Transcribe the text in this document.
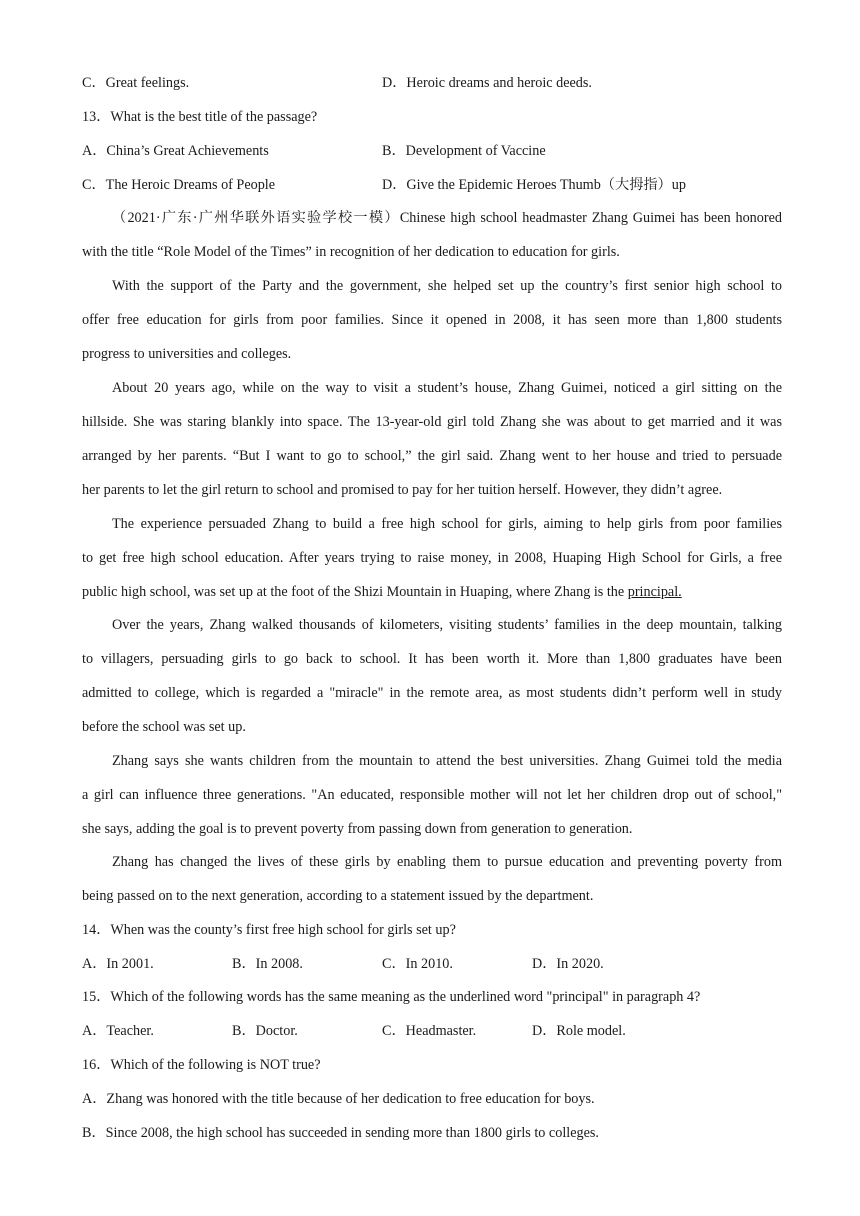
C．Great feelings.	D．Heroic dreams and heroic deeds.
13．What is the best title of the passage?
A．China’s Great Achievements	B．Development of Vaccine
C．The Heroic Dreams of People	D．Give the Epidemic Heroes Thumb（大拇指）up
（2021·广东·广州华联外语实验学校一模）Chinese high school headmaster Zhang Guimei has been honored
with the title “Role Model of the Times” in recognition of her dedication to education for girls.
With the support of the Party and the government, she helped set up the country’s first senior high school to
offer free education for girls from poor families. Since it opened in 2008, it has seen more than 1,800 students
progress to universities and colleges.
About 20 years ago, while on the way to visit a student’s house, Zhang Guimei, noticed a girl sitting on the
hillside. She was staring blankly into space. The 13-year-old girl told Zhang she was about to get married and it was
arranged by her parents. “But I want to go to school,” the girl said. Zhang went to her house and tried to persuade
her parents to let the girl return to school and promised to pay for her tuition herself. However, they didn’t agree.
The experience persuaded Zhang to build a free high school for girls, aiming to help girls from poor families
to get free high school education. After years trying to raise money, in 2008, Huaping High School for Girls, a free
public high school, was set up at the foot of the Shizi Mountain in Huaping, where Zhang is the principal.
Over the years, Zhang walked thousands of kilometers, visiting students’ families in the deep mountain, talking
to villagers, persuading girls to go back to school. It has been worth it. More than 1,800 graduates have been
admitted to college, which is regarded a "miracle" in the remote area, as most students didn’t perform well in study
before the school was set up.
Zhang says she wants children from the mountain to attend the best universities. Zhang Guimei told the media
a girl can influence three generations. "An educated, responsible mother will not let her children drop out of school,"
she says, adding the goal is to prevent poverty from passing down from generation to generation.
Zhang has changed the lives of these girls by enabling them to pursue education and preventing poverty from
being passed on to the next generation, according to a statement issued by the department.
14．When was the county’s first free high school for girls set up?
A．In 2001.	B．In 2008.	C．In 2010.	D．In 2020.
15．Which of the following words has the same meaning as the underlined word "principal" in paragraph 4?
A．Teacher.	B．Doctor.	C．Headmaster.	D．Role model.
16．Which of the following is NOT true?
A．Zhang was honored with the title because of her dedication to free education for boys.
B．Since 2008, the high school has succeeded in sending more than 1800 girls to colleges.
